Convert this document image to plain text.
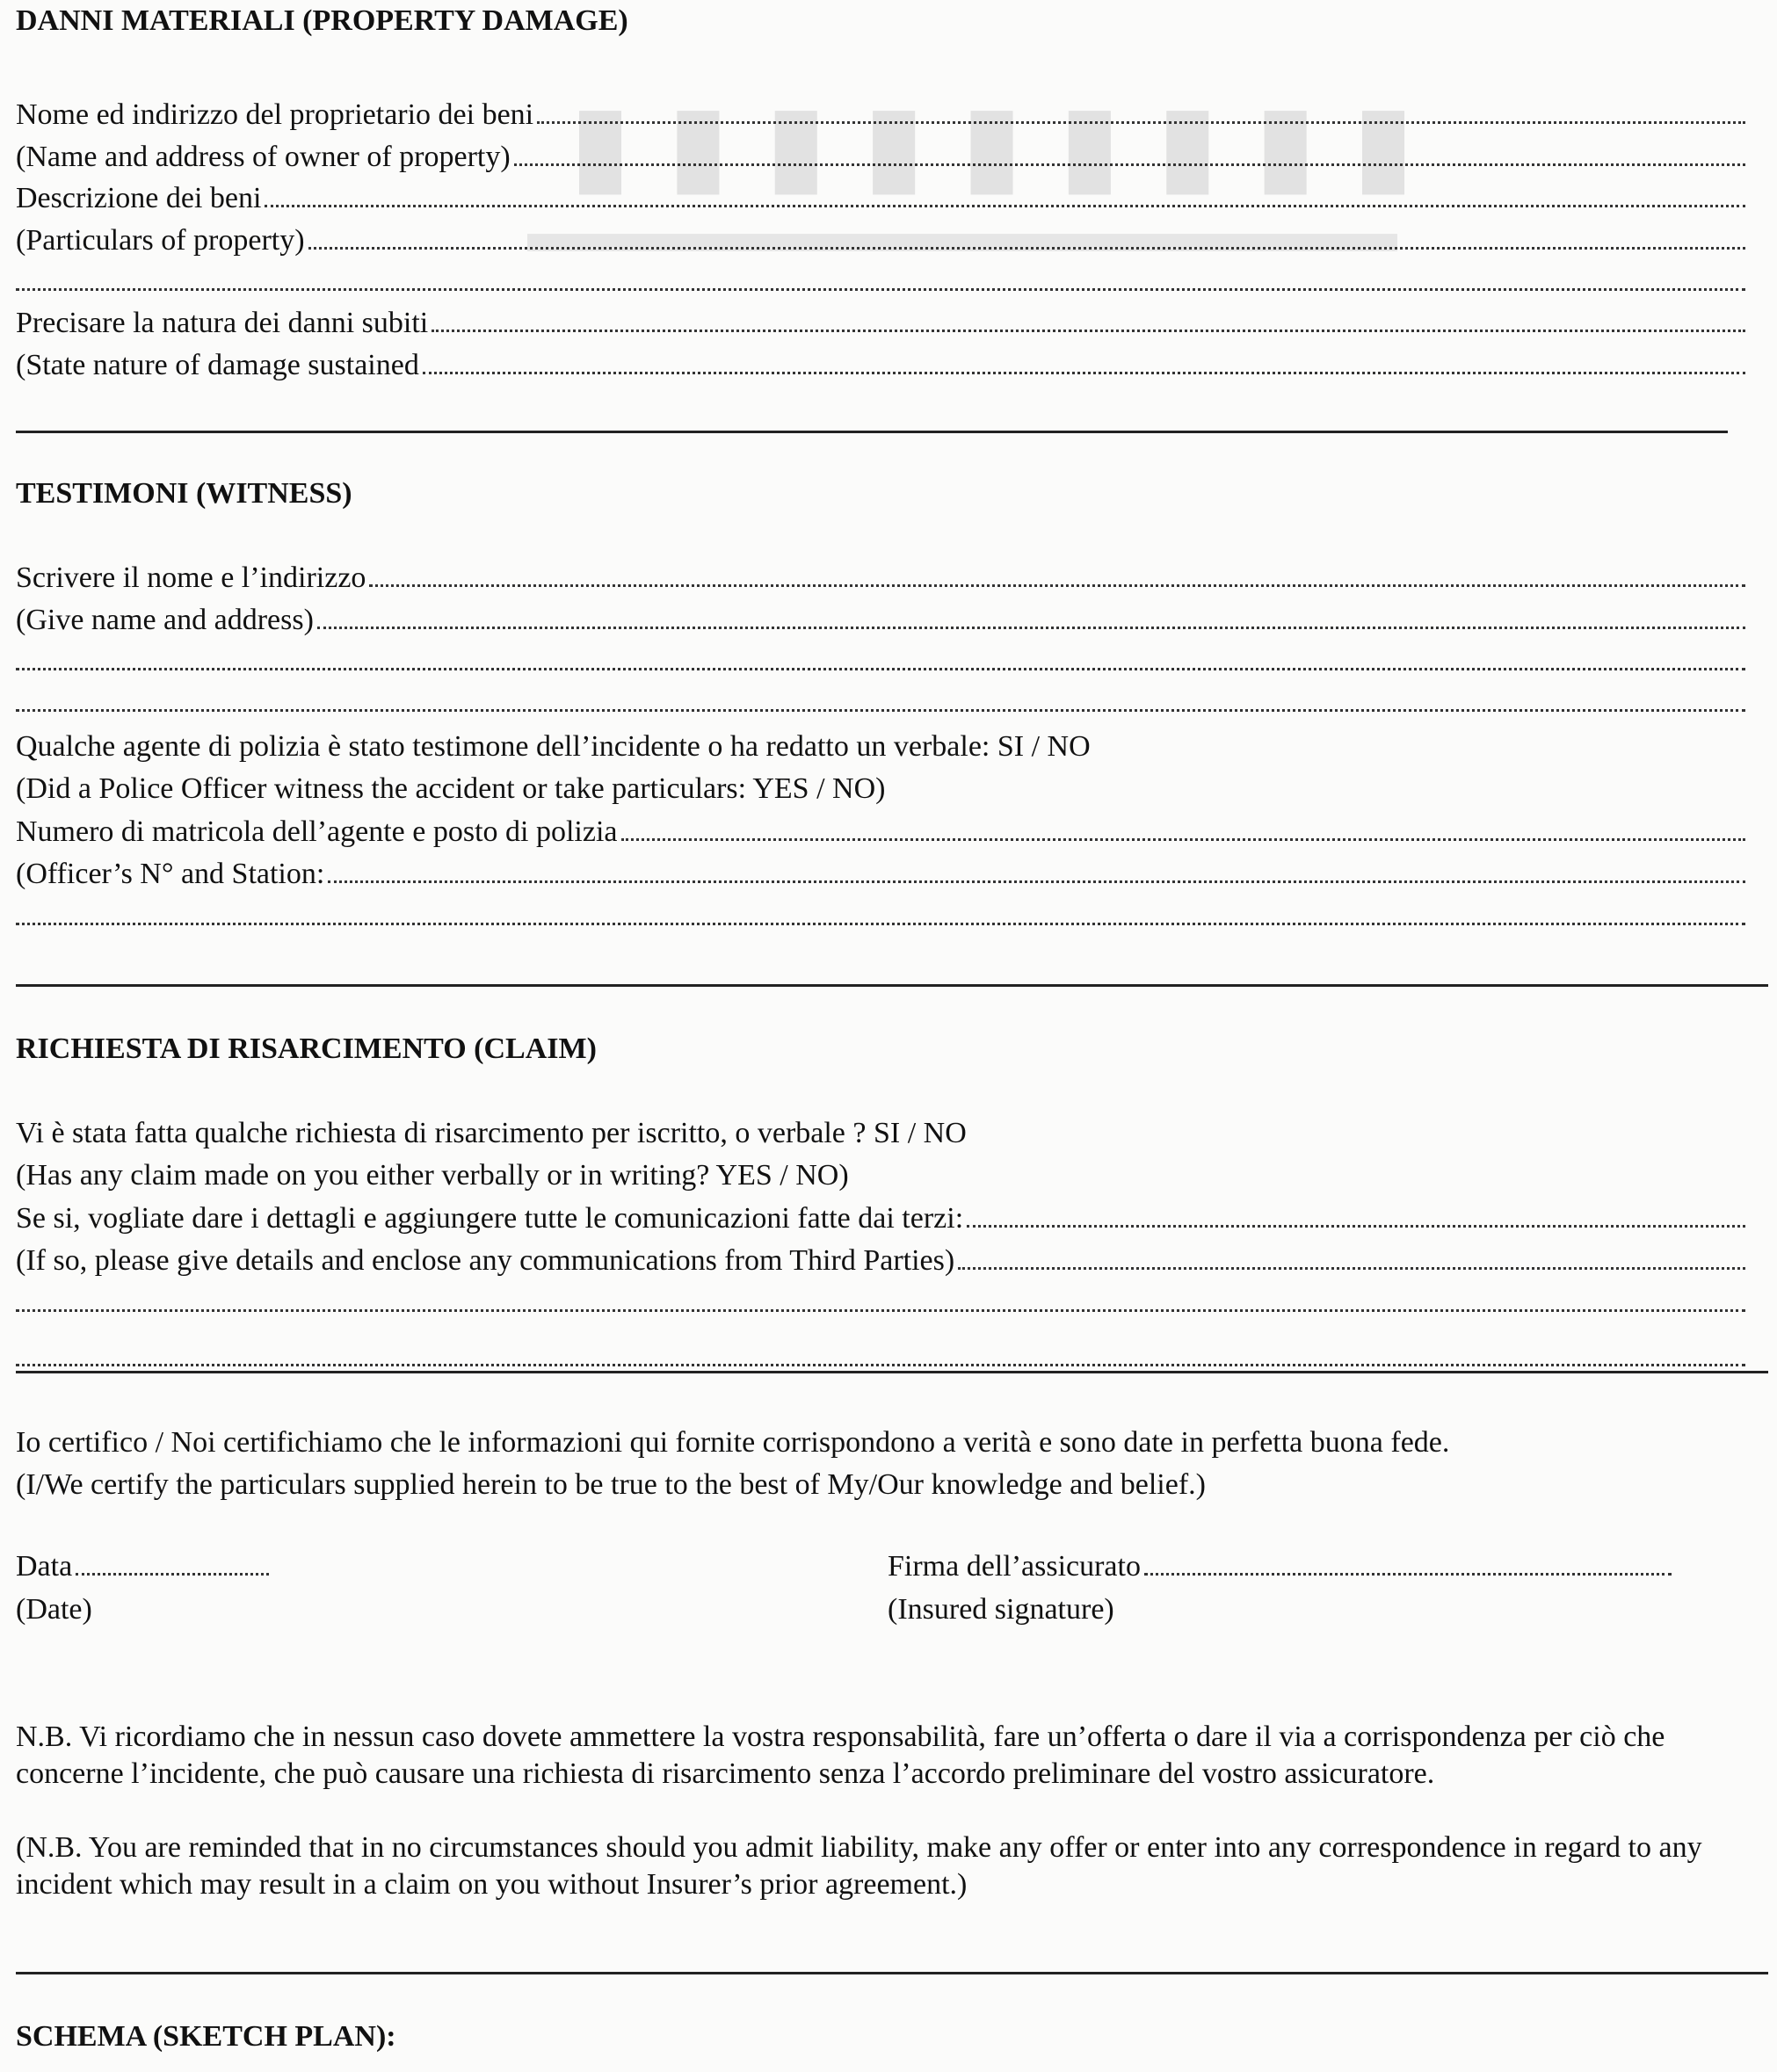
▮ ▮ ▮ ▮ ▮ ▮ ▮ ▮ ▮
▬▬▬▬▬▬▬▬▬▬▬▬▬▬▬
DANNI MATERIALI (PROPERTY DAMAGE)
Nome ed indirizzo del proprietario dei beni
(Name and address of owner of property)
Descrizione dei beni
(Particulars of property)
Precisare la natura dei danni subiti
(State nature of damage sustained
TESTIMONI (WITNESS)
Scrivere il nome e l’indirizzo
(Give name and address)
Qualche agente di polizia è stato testimone dell’incidente o ha redatto un verbale: SI / NO
(Did a Police Officer witness the accident or take particulars: YES / NO)
Numero di matricola dell’agente e posto di polizia
(Officer’s N° and Station:
RICHIESTA DI RISARCIMENTO (CLAIM)
Vi è stata fatta qualche richiesta di risarcimento per iscritto, o verbale ? SI / NO
(Has any claim made on you either verbally or in writing? YES / NO)
Se si, vogliate dare i dettagli e aggiungere tutte le comunicazioni fatte dai terzi:
(If so, please give details and enclose any communications from Third Parties)
Io certifico / Noi certifichiamo che le informazioni qui fornite corrispondono a verità e sono date in perfetta buona fede.
(I/We certify the particulars supplied herein to be true to the best of My/Our knowledge and belief.)
Data
(Date)
Firma dell’assicurato
(Insured signature)
N.B. Vi ricordiamo che in nessun caso dovete ammettere la vostra responsabilità, fare un’offerta o dare il via a corrispondenza per ciò che concerne l’incidente, che può causare una richiesta di risarcimento senza l’accordo preliminare del vostro assicuratore.
(N.B. You are reminded that in no circumstances should you admit liability, make any offer or enter into any correspondence in regard to any incident which may result in a claim on you without Insurer’s prior agreement.)
SCHEMA (SKETCH PLAN):
